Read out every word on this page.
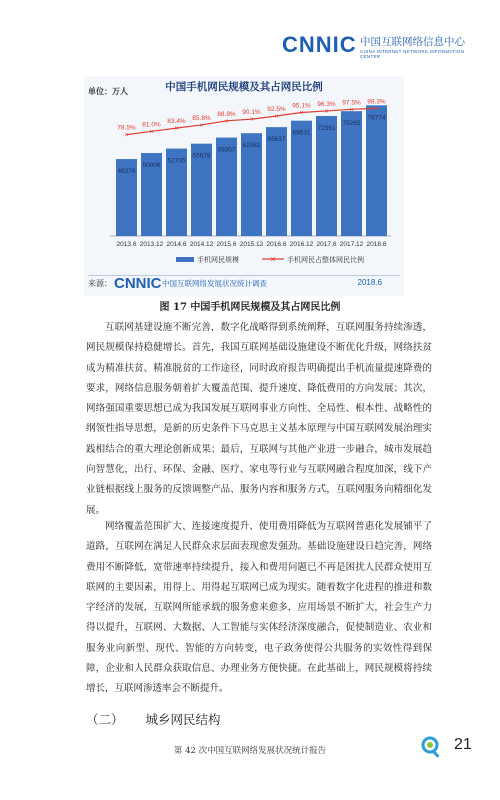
CNNIC 中国互联网络信息中心
CHINA INTERNET NETWORK INFORMATION CENTER
中国手机网民规模及其占网民比例
单位：万人
46376
2013.6
50006
2013.12
52705
2014.6
55678
2014.12
59357
2015.6
61981
2015.12
65637
2016.6
69531
2016.12
72361
2017.6
75265
2017.12
78774
2018.6
×
78.5%
×
81.0%
×
83.4%
×
85.8% ×
88.9%
×
90.1%
×
92.5%
×
95.1%
×
96.3%
×
97.5%
×
98.3%
手机网民规模	× 手机网民占整体网民比例
来源： CNNIC 中国互联网络发展状况统计调查	2018.6
图 17 中国手机网民规模及其占网民比例

互联网基建设施不断完善，数字化战略得到系统阐释，互联网服务持续渗透，网民规模保持稳健增长。首先，我国互联网基础设施建设不断优化升级，网络扶贫成为精准扶贫、精准脱贫的工作途径，同时政府报告明确提出手机流量提速降费的要求，网络信息服务朝着扩大覆盖范围、提升速度、降低费用的方向发展；其次，网络强国重要思想已成为我国发展互联网事业方向性、全局性、根本性、战略性的纲领性指导思想，是新的历史条件下马克思主义基本原理与中国互联网发展治理实践相结合的重大理论创新成果；最后，互联网与其他产业进一步融合，城市发展趋向智慧化，出行、环保、金融、医疗、家电等行业与互联网融合程度加深，线下产业链根据线上服务的反馈调整产品、服务内容和服务方式，互联网服务向精细化发展。

网络覆盖范围扩大、连接速度提升、使用费用降低为互联网普惠化发展铺平了道路，互联网在满足人民群众求层面表现愈发强劲。基础设施建设日趋完善，网络费用不断降低，宽带速率持续提升，接入和费用问题已不再是困扰人民群众使用互联网的主要因素，用得上、用得起互联网已成为现实。随着数字化进程的推进和数字经济的发展，互联网所能承载的服务愈来愈多，应用场景不断扩大，社会生产力得以提升，互联网、大数据、人工智能与实体经济深度融合，促使制造业、农业和服务业向新型、现代、智能的方向转变，电子政务使得公共服务的实效性得到保障，企业和人民群众获取信息、办理业务方便快捷。在此基础上，网民规模将持续增长，互联网渗透率会不断提升。

（二） 城乡网民结构
第 42 次中国互联网络发展状况统计报告	21
